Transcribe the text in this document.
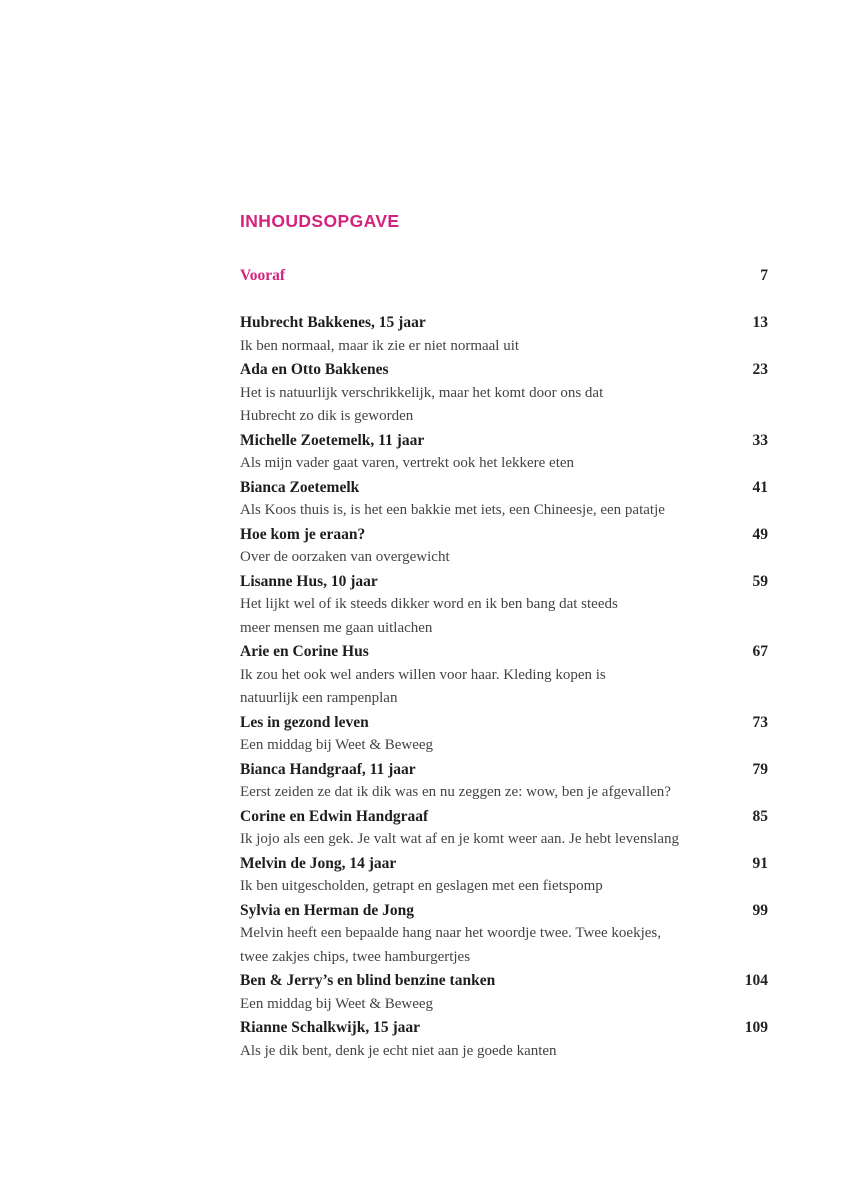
INHOUDSOPGAVE
Vooraf	7
Hubrecht Bakkenes, 15 jaar	13
Ik ben normaal, maar ik zie er niet normaal uit
Ada en Otto Bakkenes	23
Het is natuurlijk verschrikkelijk, maar het komt door ons dat
Hubrecht zo dik is geworden
Michelle Zoetemelk, 11 jaar	33
Als mijn vader gaat varen, vertrekt ook het lekkere eten
Bianca Zoetemelk	41
Als Koos thuis is, is het een bakkie met iets, een Chineesje, een patatje
Hoe kom je eraan?	49
Over de oorzaken van overgewicht
Lisanne Hus, 10 jaar	59
Het lijkt wel of ik steeds dikker word en ik ben bang dat steeds
meer mensen me gaan uitlachen
Arie en Corine Hus	67
Ik zou het ook wel anders willen voor haar. Kleding kopen is
natuurlijk een rampenplan
Les in gezond leven	73
Een middag bij Weet & Beweeg
Bianca Handgraaf, 11 jaar	79
Eerst zeiden ze dat ik dik was en nu zeggen ze: wow, ben je afgevallen?
Corine en Edwin Handgraaf	85
Ik jojo als een gek. Je valt wat af en je komt weer aan. Je hebt levenslang
Melvin de Jong, 14 jaar	91
Ik ben uitgescholden, getrapt en geslagen met een fietspomp
Sylvia en Herman de Jong	99
Melvin heeft een bepaalde hang naar het woordje twee. Twee koekjes,
twee zakjes chips, twee hamburgertjes
Ben & Jerry’s en blind benzine tanken	104
Een middag bij Weet & Beweeg
Rianne Schalkwijk, 15 jaar	109
Als je dik bent, denk je echt niet aan je goede kanten
